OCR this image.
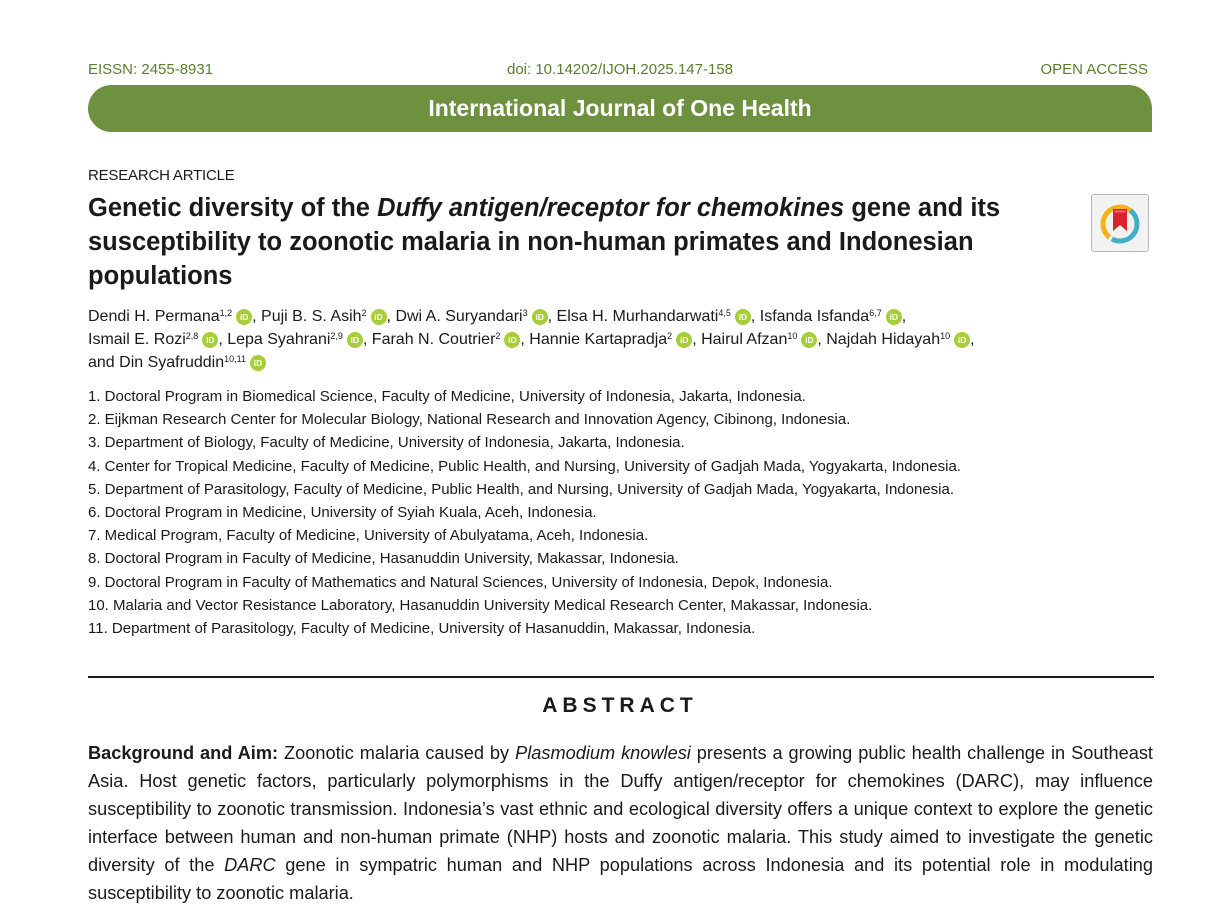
EISSN: 2455-8931	doi: 10.14202/IJOH.2025.147-158	OPEN ACCESS
International Journal of One Health
RESEARCH ARTICLE
Genetic diversity of the Duffy antigen/receptor for chemokines gene and its susceptibility to zoonotic malaria in non-human primates and Indonesian populations
Dendi H. Permana$^{1,2}$ iD , Puji B. S. Asih$^2$ iD , Dwi A. Suryandari$^3$ iD , Elsa H. Murhandarwati$^{4,5}$ iD , Isfanda Isfanda$^{6,7}$ iD ,
Ismail E. Rozi$^{2,8}$ iD , Lepa Syahrani$^{2,9}$ iD , Farah N. Coutrier$^2$ iD , Hannie Kartapradja$^2$ iD , Hairul Afzan$^{10}$ iD , Najdah Hidayah$^{10}$ iD ,
and Din Syafruddin$^{10,11}$ iD
1. Doctoral Program in Biomedical Science, Faculty of Medicine, University of Indonesia, Jakarta, Indonesia.
2. Eijkman Research Center for Molecular Biology, National Research and Innovation Agency, Cibinong, Indonesia.
3. Department of Biology, Faculty of Medicine, University of Indonesia, Jakarta, Indonesia.
4. Center for Tropical Medicine, Faculty of Medicine, Public Health, and Nursing, University of Gadjah Mada, Yogyakarta, Indonesia.
5. Department of Parasitology, Faculty of Medicine, Public Health, and Nursing, University of Gadjah Mada, Yogyakarta, Indonesia.
6. Doctoral Program in Medicine, University of Syiah Kuala, Aceh, Indonesia.
7. Medical Program, Faculty of Medicine, University of Abulyatama, Aceh, Indonesia.
8. Doctoral Program in Faculty of Medicine, Hasanuddin University, Makassar, Indonesia.
9. Doctoral Program in Faculty of Mathematics and Natural Sciences, University of Indonesia, Depok, Indonesia.
10. Malaria and Vector Resistance Laboratory, Hasanuddin University Medical Research Center, Makassar, Indonesia.
11. Department of Parasitology, Faculty of Medicine, University of Hasanuddin, Makassar, Indonesia.
ABSTRACT

Background and Aim: Zoonotic malaria caused by Plasmodium knowlesi presents a growing public health challenge in Southeast Asia. Host genetic factors, particularly polymorphisms in the Duffy antigen/receptor for chemokines (DARC), may influence susceptibility to zoonotic transmission. Indonesia’s vast ethnic and ecological diversity offers a unique context to explore the genetic interface between human and non-human primate (NHP) hosts and zoonotic malaria. This study aimed to investigate the genetic diversity of the DARC gene in sympatric human and NHP populations across Indonesia and its potential role in modulating susceptibility to zoonotic malaria.
